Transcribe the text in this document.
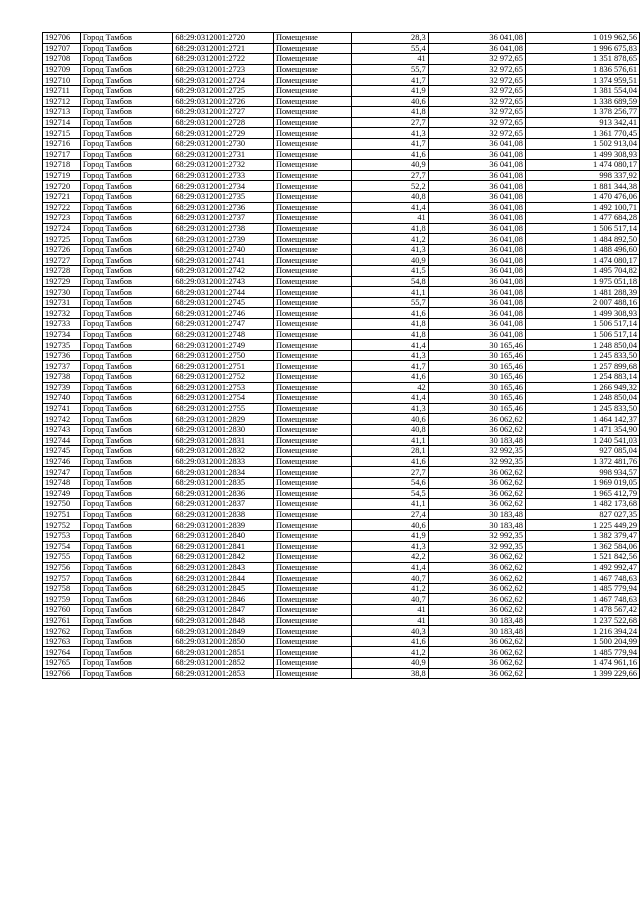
192706	Город Тамбов	68:29:0312001:2720	Помещение	28,3	36 041,08	1 019 962,56
192707	Город Тамбов	68:29:0312001:2721	Помещение	55,4	36 041,08	1 996 675,83
192708	Город Тамбов	68:29:0312001:2722	Помещение	41	32 972,65	1 351 878,65
192709	Город Тамбов	68:29:0312001:2723	Помещение	55,7	32 972,65	1 836 576,61
192710	Город Тамбов	68:29:0312001:2724	Помещение	41,7	32 972,65	1 374 959,51
192711	Город Тамбов	68:29:0312001:2725	Помещение	41,9	32 972,65	1 381 554,04
192712	Город Тамбов	68:29:0312001:2726	Помещение	40,6	32 972,65	1 338 689,59
192713	Город Тамбов	68:29:0312001:2727	Помещение	41,8	32 972,65	1 378 256,77
192714	Город Тамбов	68:29:0312001:2728	Помещение	27,7	32 972,65	913 342,41
192715	Город Тамбов	68:29:0312001:2729	Помещение	41,3	32 972,65	1 361 770,45
192716	Город Тамбов	68:29:0312001:2730	Помещение	41,7	36 041,08	1 502 913,04
192717	Город Тамбов	68:29:0312001:2731	Помещение	41,6	36 041,08	1 499 308,93
192718	Город Тамбов	68:29:0312001:2732	Помещение	40,9	36 041,08	1 474 080,17
192719	Город Тамбов	68:29:0312001:2733	Помещение	27,7	36 041,08	998 337,92
192720	Город Тамбов	68:29:0312001:2734	Помещение	52,2	36 041,08	1 881 344,38
192721	Город Тамбов	68:29:0312001:2735	Помещение	40,8	36 041,08	1 470 476,06
192722	Город Тамбов	68:29:0312001:2736	Помещение	41,4	36 041,08	1 492 100,71
192723	Город Тамбов	68:29:0312001:2737	Помещение	41	36 041,08	1 477 684,28
192724	Город Тамбов	68:29:0312001:2738	Помещение	41,8	36 041,08	1 506 517,14
192725	Город Тамбов	68:29:0312001:2739	Помещение	41,2	36 041,08	1 484 892,50
192726	Город Тамбов	68:29:0312001:2740	Помещение	41,3	36 041,08	1 488 496,60
192727	Город Тамбов	68:29:0312001:2741	Помещение	40,9	36 041,08	1 474 080,17
192728	Город Тамбов	68:29:0312001:2742	Помещение	41,5	36 041,08	1 495 704,82
192729	Город Тамбов	68:29:0312001:2743	Помещение	54,8	36 041,08	1 975 051,18
192730	Город Тамбов	68:29:0312001:2744	Помещение	41,1	36 041,08	1 481 288,39
192731	Город Тамбов	68:29:0312001:2745	Помещение	55,7	36 041,08	2 007 488,16
192732	Город Тамбов	68:29:0312001:2746	Помещение	41,6	36 041,08	1 499 308,93
192733	Город Тамбов	68:29:0312001:2747	Помещение	41,8	36 041,08	1 506 517,14
192734	Город Тамбов	68:29:0312001:2748	Помещение	41,8	36 041,08	1 506 517,14
192735	Город Тамбов	68:29:0312001:2749	Помещение	41,4	30 165,46	1 248 850,04
192736	Город Тамбов	68:29:0312001:2750	Помещение	41,3	30 165,46	1 245 833,50
192737	Город Тамбов	68:29:0312001:2751	Помещение	41,7	30 165,46	1 257 899,68
192738	Город Тамбов	68:29:0312001:2752	Помещение	41,6	30 165,46	1 254 883,14
192739	Город Тамбов	68:29:0312001:2753	Помещение	42	30 165,46	1 266 949,32
192740	Город Тамбов	68:29:0312001:2754	Помещение	41,4	30 165,46	1 248 850,04
192741	Город Тамбов	68:29:0312001:2755	Помещение	41,3	30 165,46	1 245 833,50
192742	Город Тамбов	68:29:0312001:2829	Помещение	40,6	36 062,62	1 464 142,37
192743	Город Тамбов	68:29:0312001:2830	Помещение	40,8	36 062,62	1 471 354,90
192744	Город Тамбов	68:29:0312001:2831	Помещение	41,1	30 183,48	1 240 541,03
192745	Город Тамбов	68:29:0312001:2832	Помещение	28,1	32 992,35	927 085,04
192746	Город Тамбов	68:29:0312001:2833	Помещение	41,6	32 992,35	1 372 481,76
192747	Город Тамбов	68:29:0312001:2834	Помещение	27,7	36 062,62	998 934,57
192748	Город Тамбов	68:29:0312001:2835	Помещение	54,6	36 062,62	1 969 019,05
192749	Город Тамбов	68:29:0312001:2836	Помещение	54,5	36 062,62	1 965 412,79
192750	Город Тамбов	68:29:0312001:2837	Помещение	41,1	36 062,62	1 482 173,68
192751	Город Тамбов	68:29:0312001:2838	Помещение	27,4	30 183,48	827 027,35
192752	Город Тамбов	68:29:0312001:2839	Помещение	40,6	30 183,48	1 225 449,29
192753	Город Тамбов	68:29:0312001:2840	Помещение	41,9	32 992,35	1 382 379,47
192754	Город Тамбов	68:29:0312001:2841	Помещение	41,3	32 992,35	1 362 584,06
192755	Город Тамбов	68:29:0312001:2842	Помещение	42,2	36 062,62	1 521 842,56
192756	Город Тамбов	68:29:0312001:2843	Помещение	41,4	36 062,62	1 492 992,47
192757	Город Тамбов	68:29:0312001:2844	Помещение	40,7	36 062,62	1 467 748,63
192758	Город Тамбов	68:29:0312001:2845	Помещение	41,2	36 062,62	1 485 779,94
192759	Город Тамбов	68:29:0312001:2846	Помещение	40,7	36 062,62	1 467 748,63
192760	Город Тамбов	68:29:0312001:2847	Помещение	41	36 062,62	1 478 567,42
192761	Город Тамбов	68:29:0312001:2848	Помещение	41	30 183,48	1 237 522,68
192762	Город Тамбов	68:29:0312001:2849	Помещение	40,3	30 183,48	1 216 394,24
192763	Город Тамбов	68:29:0312001:2850	Помещение	41,6	36 062,62	1 500 204,99
192764	Город Тамбов	68:29:0312001:2851	Помещение	41,2	36 062,62	1 485 779,94
192765	Город Тамбов	68:29:0312001:2852	Помещение	40,9	36 062,62	1 474 961,16
192766	Город Тамбов	68:29:0312001:2853	Помещение	38,8	36 062,62	1 399 229,66
